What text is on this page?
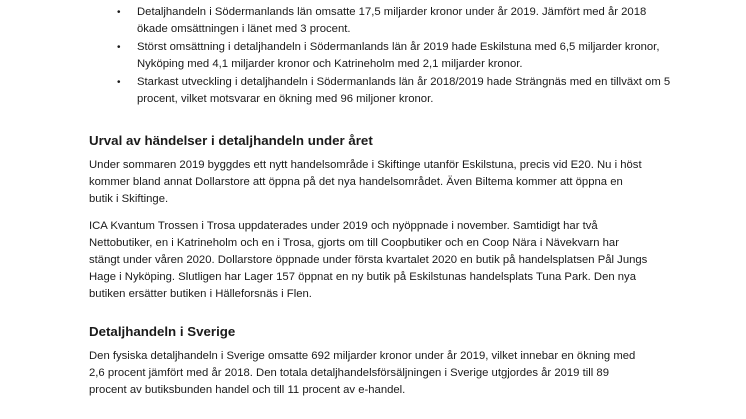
• Detaljhandeln i Södermanlands län omsatte 17,5 miljarder kronor under år 2019. Jämfört med år 2018 ökade omsättningen i länet med 3 procent.
• Störst omsättning i detaljhandeln i Södermanlands län år 2019 hade Eskilstuna med 6,5 miljarder kronor, Nyköping med 4,1 miljarder kronor och Katrineholm med 2,1 miljarder kronor.
• Starkast utveckling i detaljhandeln i Södermanlands län år 2018/2019 hade Strängnäs med en tillväxt om 5 procent, vilket motsvarar en ökning med 96 miljoner kronor.
Urval av händelser i detaljhandeln under året

Under sommaren 2019 byggdes ett nytt handelsområde i Skiftinge utanför Eskilstuna, precis vid E20. Nu i höst kommer bland annat Dollarstore att öppna på det nya handelsområdet. Även Biltema kommer att öppna en butik i Skiftinge.

ICA Kvantum Trossen i Trosa uppdaterades under 2019 och nyöppnade i november. Samtidigt har två Nettobutiker, en i Katrineholm och en i Trosa, gjorts om till Coopbutiker och en Coop Nära i Nävekvarn har stängt under våren 2020. Dollarstore öppnade under första kvartalet 2020 en butik på handelsplatsen Pål Jungs Hage i Nyköping. Slutligen har Lager 157 öppnat en ny butik på Eskilstunas handelsplats Tuna Park. Den nya butiken ersätter butiken i Hälleforsnäs i Flen.

Detaljhandeln i Sverige

Den fysiska detaljhandeln i Sverige omsatte 692 miljarder kronor under år 2019, vilket innebar en ökning med 2,6 procent jämfört med år 2018. Den totala detaljhandelsförsäljningen i Sverige utgjordes år 2019 till 89 procent av butiksbunden handel och till 11 procent av e-handel.
